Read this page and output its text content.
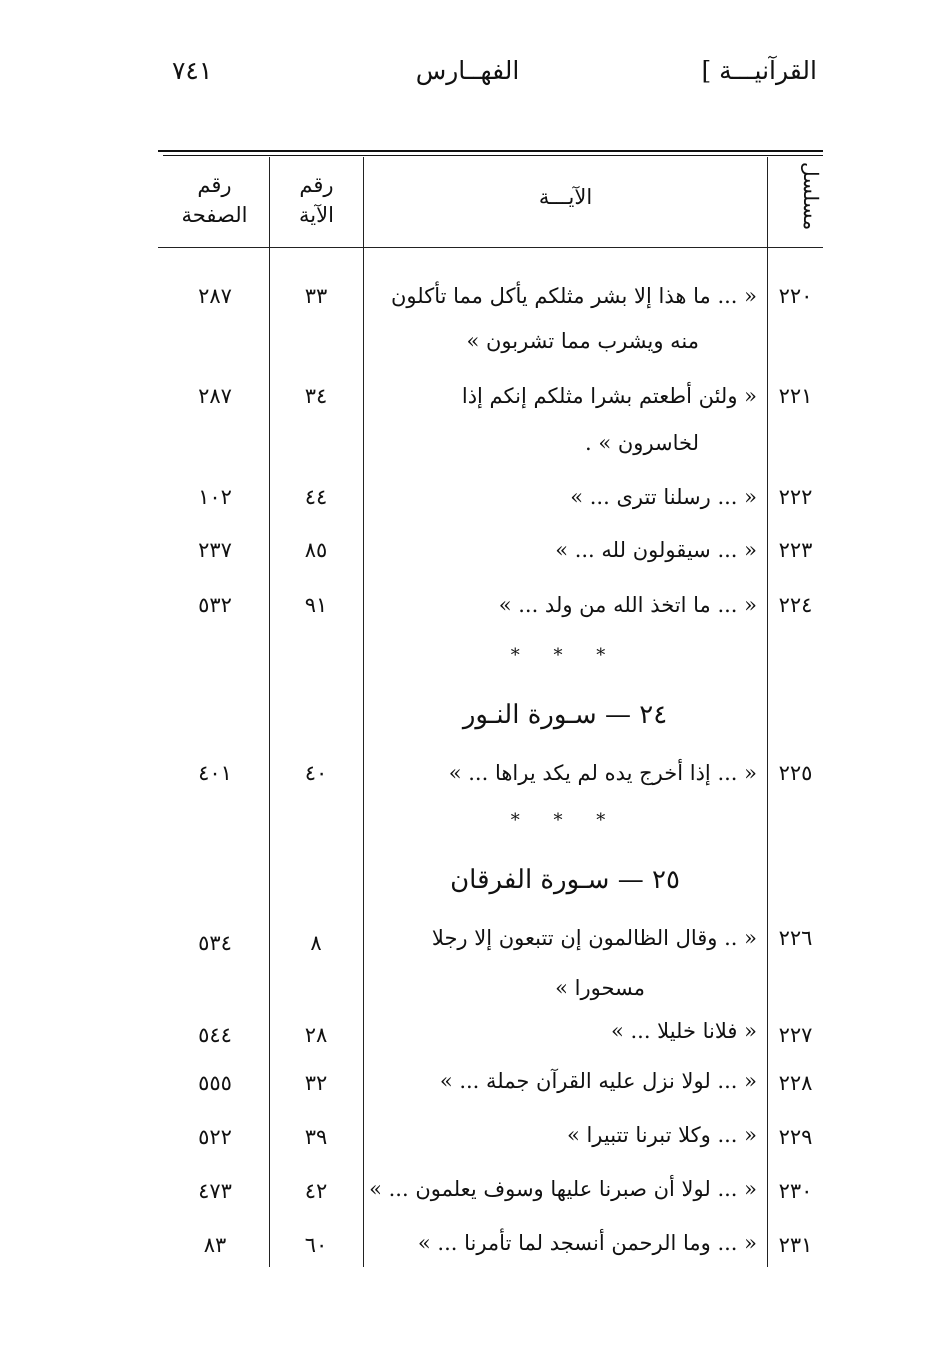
القرآنيـــة ]
الفهــارس
٧٤١
مسلسل
الآيـــة
رقم
الآية
رقم
الصفحة
٢٢٠
« ... ما هذا إلا بشر مثلكم يأكل مما تأكلون
منه ويشرب مما تشربون »
٣٣
٢٨٧
٢٢١
« ولئن أطعتم بشرا مثلكم إنكم إذا
لخاسرون » .
٣٤
٢٨٧
٢٢٢
« ... رسلنا تترى ... »
٤٤
١٠٢
٢٢٣
« ... سيقولون لله ... »
٨٥
٢٣٧
٢٢٤
« ... ما اتخذ الله من ولد ... »
٩١
٥٣٢
* * *
٢٤ — سـورة النـور
٢٢٥
« ... إذا أخرج يده لم يكد يراها ... »
٤٠
٤٠١
* * *
٢٥ — سـورة الفرقان
٢٢٦
« .. وقال الظالمون إن تتبعون إلا رجلا
مسحورا »
٨
٥٣٤
٢٢٧
« فلانا خليلا ... »
٢٨
٥٤٤
٢٢٨
« ... لولا نزل عليه القرآن جملة ... »
٣٢
٥٥٥
٢٢٩
« ... وكلا تبرنا تتبيرا »
٣٩
٥٢٢
٢٣٠
« ... لولا أن صبرنا عليها وسوف يعلمون ... »
٤٢
٤٧٣
٢٣١
« ... وما الرحمن أنسجد لما تأمرنا ... »
٦٠
٨٣
